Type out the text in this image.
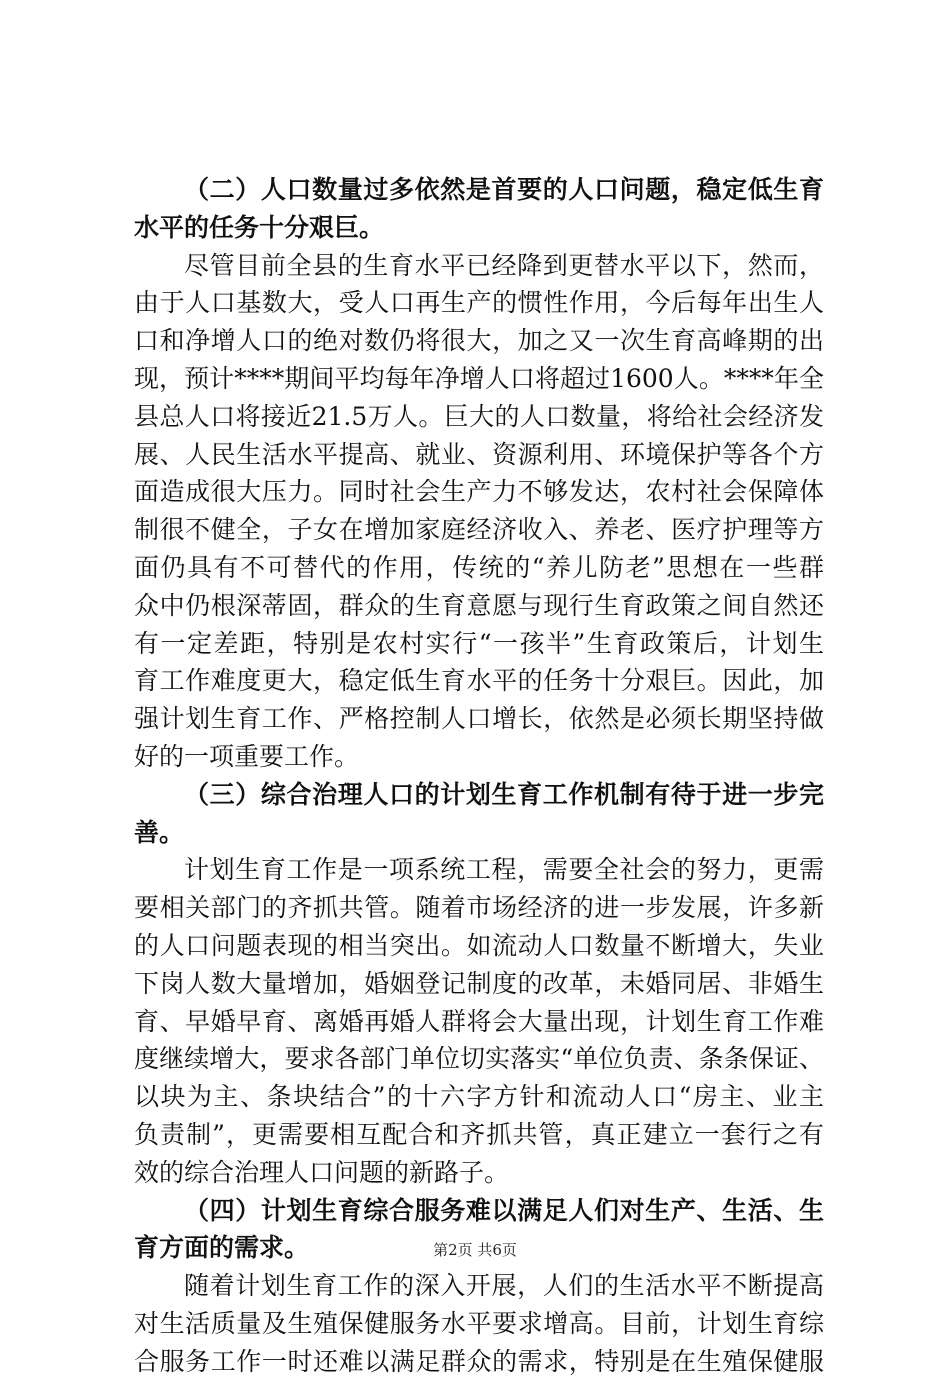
（二）人口数量过多依然是首要的人口问题，稳定低生育
水平的任务十分艰巨。
尽管目前全县的生育水平已经降到更替水平以下，然而，
由于人口基数大，受人口再生产的惯性作用，今后每年出生人
口和净增人口的绝对数仍将很大，加之又一次生育高峰期的出
现，预计****期间平均每年净增人口将超过1600人。****年全
县总人口将接近21.5万人。巨大的人口数量，将给社会经济发
展、人民生活水平提高、就业、资源利用、环境保护等各个方
面造成很大压力。同时社会生产力不够发达，农村社会保障体
制很不健全，子女在增加家庭经济收入、养老、医疗护理等方
面仍具有不可替代的作用，传统的“养儿防老”思想在一些群
众中仍根深蒂固，群众的生育意愿与现行生育政策之间自然还
有一定差距，特别是农村实行“一孩半”生育政策后，计划生
育工作难度更大，稳定低生育水平的任务十分艰巨。因此，加
强计划生育工作、严格控制人口增长，依然是必须长期坚持做
好的一项重要工作。
（三）综合治理人口的计划生育工作机制有待于进一步完
善。
计划生育工作是一项系统工程，需要全社会的努力，更需
要相关部门的齐抓共管。随着市场经济的进一步发展，许多新
的人口问题表现的相当突出。如流动人口数量不断增大，失业
下岗人数大量增加，婚姻登记制度的改革，未婚同居、非婚生
育、早婚早育、离婚再婚人群将会大量出现，计划生育工作难
度继续增大，要求各部门单位切实落实“单位负责、条条保证、
以块为主、条块结合”的十六字方针和流动人口“房主、业主
负责制”，更需要相互配合和齐抓共管，真正建立一套行之有
效的综合治理人口问题的新路子。
（四）计划生育综合服务难以满足人们对生产、生活、生
育方面的需求。
随着计划生育工作的深入开展，人们的生活水平不断提高
对生活质量及生殖保健服务水平要求增高。目前，计划生育综
合服务工作一时还难以满足群众的需求，特别是在生殖保健服
第2页 共6页
